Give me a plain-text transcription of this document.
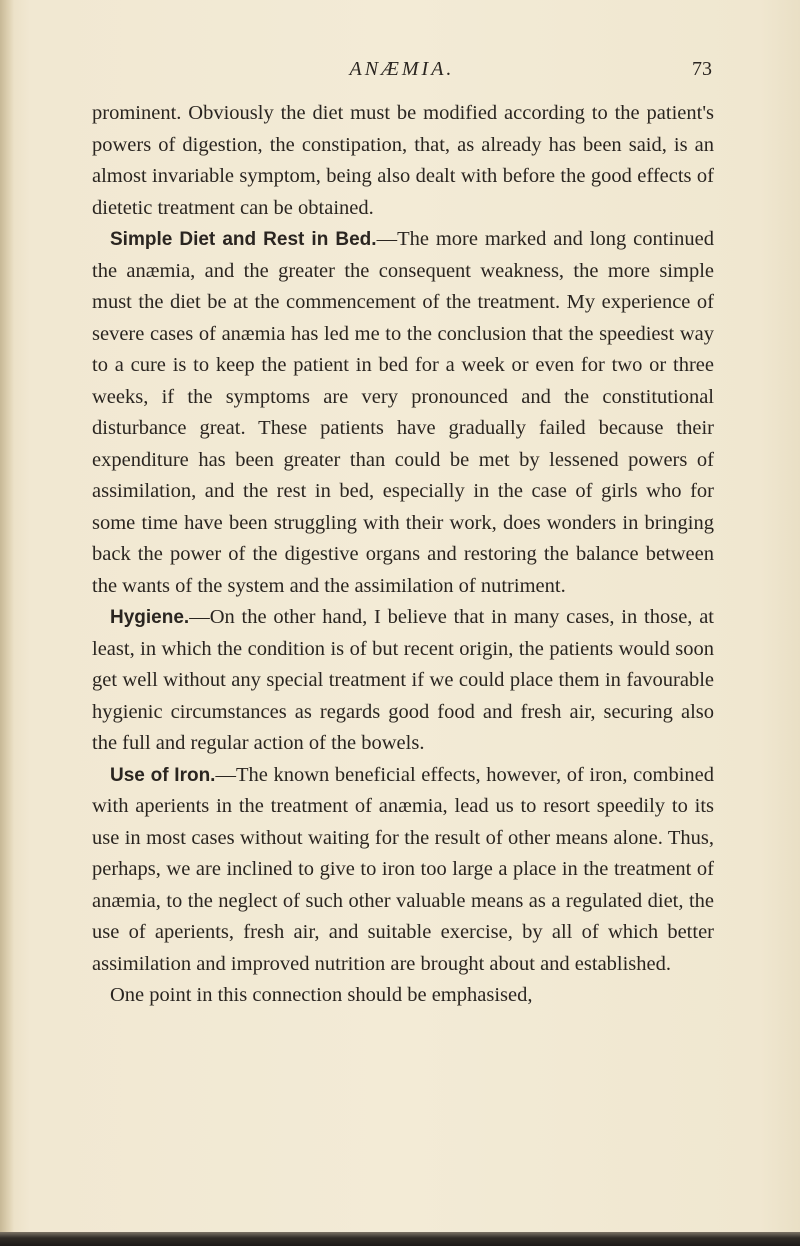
ANÆMIA.	73

prominent. Obviously the diet must be modified according to the patient's powers of digestion, the constipation, that, as already has been said, is an almost invariable symptom, being also dealt with before the good effects of dietetic treatment can be obtained.

Simple Diet and Rest in Bed.—The more marked and long continued the anæmia, and the greater the consequent weakness, the more simple must the diet be at the commencement of the treatment. My experience of severe cases of anæmia has led me to the conclusion that the speediest way to a cure is to keep the patient in bed for a week or even for two or three weeks, if the symptoms are very pronounced and the constitutional disturbance great. These patients have gradually failed because their expenditure has been greater than could be met by lessened powers of assimilation, and the rest in bed, especially in the case of girls who for some time have been struggling with their work, does wonders in bringing back the power of the digestive organs and restoring the balance between the wants of the system and the assimilation of nutriment.

Hygiene.—On the other hand, I believe that in many cases, in those, at least, in which the condition is of but recent origin, the patients would soon get well without any special treatment if we could place them in favourable hygienic circumstances as regards good food and fresh air, securing also the full and regular action of the bowels.

Use of Iron.—The known beneficial effects, however, of iron, combined with aperients in the treatment of anæmia, lead us to resort speedily to its use in most cases without waiting for the result of other means alone. Thus, perhaps, we are inclined to give to iron too large a place in the treatment of anæmia, to the neglect of such other valuable means as a regulated diet, the use of aperients, fresh air, and suitable exercise, by all of which better assimilation and improved nutrition are brought about and established.

One point in this connection should be emphasised,
